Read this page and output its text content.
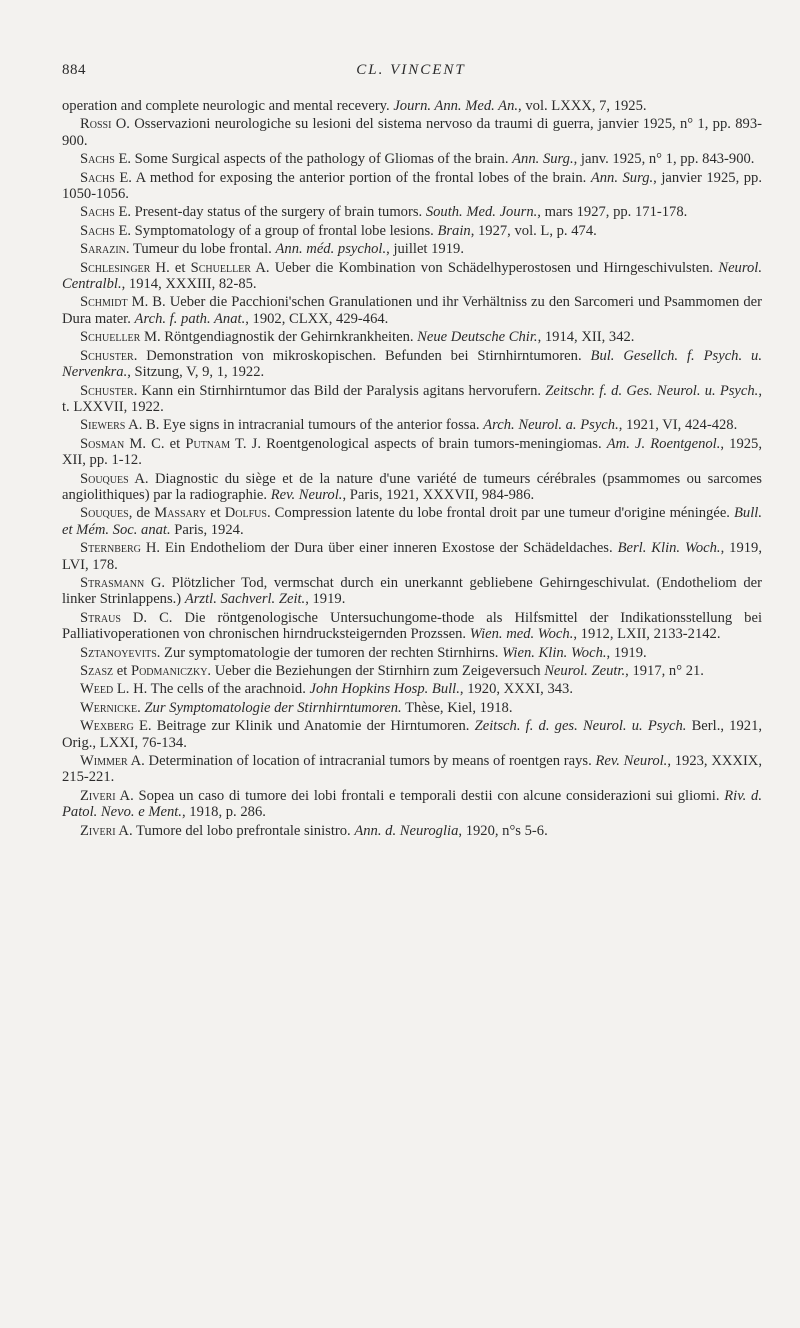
884	CL. VINCENT

operation and complete neurologic and mental recevery. Journ. Ann. Med. An., vol. LXXX, 7, 1925.

Rossi O. Osservazioni neurologiche su lesioni del sistema nervoso da traumi di guerra, janvier 1925, n° 1, pp. 893-900.

Sachs E. Some Surgical aspects of the pathology of Gliomas of the brain. Ann. Surg., janv. 1925, n° 1, pp. 843-900.

Sachs E. A method for exposing the anterior portion of the frontal lobes of the brain. Ann. Surg., janvier 1925, pp. 1050-1056.

Sachs E. Present-day status of the surgery of brain tumors. South. Med. Journ., mars 1927, pp. 171-178.

Sachs E. Symptomatology of a group of frontal lobe lesions. Brain, 1927, vol. L, p. 474.

Sarazin. Tumeur du lobe frontal. Ann. méd. psychol., juillet 1919.

Schlesinger H. et Schueller A. Ueber die Kombination von Schädelhyperostosen und Hirngeschivulsten. Neurol. Centralbl., 1914, XXXIII, 82-85.

Schmidt M. B. Ueber die Pacchioni'schen Granulationen und ihr Verhältniss zu den Sarcomeri und Psammomen der Dura mater. Arch. f. path. Anat., 1902, CLXX, 429-464.

Schueller M. Röntgendiagnostik der Gehirnkrankheiten. Neue Deutsche Chir., 1914, XII, 342.

Schuster. Demonstration von mikroskopischen. Befunden bei Stirnhirntumoren. Bul. Gesellch. f. Psych. u. Nervenkra., Sitzung, V, 9, 1, 1922.

Schuster. Kann ein Stirnhirntumor das Bild der Paralysis agitans hervorufern. Zeitschr. f. d. Ges. Neurol. u. Psych., t. LXXVII, 1922.

Siewers A. B. Eye signs in intracranial tumours of the anterior fossa. Arch. Neurol. a. Psych., 1921, VI, 424-428.

Sosman M. C. et Putnam T. J. Roentgenological aspects of brain tumors-meningiomas. Am. J. Roentgenol., 1925, XII, pp. 1-12.

Souques A. Diagnostic du siège et de la nature d'une variété de tumeurs cérébrales (psammomes ou sarcomes angiolithiques) par la radiographie. Rev. Neurol., Paris, 1921, XXXVII, 984-986.

Souques, de Massary et Dolfus. Compression latente du lobe frontal droit par une tumeur d'origine méningée. Bull. et Mém. Soc. anat. Paris, 1924.

Sternberg H. Ein Endotheliom der Dura über einer inneren Exostose der Schädeldaches. Berl. Klin. Woch., 1919, LVI, 178.

Strasmann G. Plötzlicher Tod, vermschat durch ein unerkannt gebliebene Gehirngeschivulat. (Endotheliom der linker Strinlappens.) Arztl. Sachverl. Zeit., 1919.

Straus D. C. Die röntgenologische Untersuchungome-thode als Hilfsmittel der Indikationsstellung bei Palliativoperationen von chronischen hirndrucksteigernden Prozssen. Wien. med. Woch., 1912, LXII, 2133-2142.

Sztanoyevits. Zur symptomatologie der tumoren der rechten Stirnhirns. Wien. Klin. Woch., 1919.

Szasz et Podmaniczky. Ueber die Beziehungen der Stirnhirn zum Zeigeversuch Neurol. Zeutr., 1917, n° 21.

Weed L. H. The cells of the arachnoid. John Hopkins Hosp. Bull., 1920, XXXI, 343.

Wernicke. Zur Symptomatologie der Stirnhirntumoren. Thèse, Kiel, 1918.

Wexberg E. Beitrage zur Klinik und Anatomie der Hirntumoren. Zeitsch. f. d. ges. Neurol. u. Psych. Berl., 1921, Orig., LXXI, 76-134.

Wimmer A. Determination of location of intracranial tumors by means of roentgen rays. Rev. Neurol., 1923, XXXIX, 215-221.

Ziveri A. Sopea un caso di tumore dei lobi frontali e temporali destii con alcune considerazioni sui gliomi. Riv. d. Patol. Nevo. e Ment., 1918, p. 286.

Ziveri A. Tumore del lobo prefrontale sinistro. Ann. d. Neuroglia, 1920, n°s 5-6.
